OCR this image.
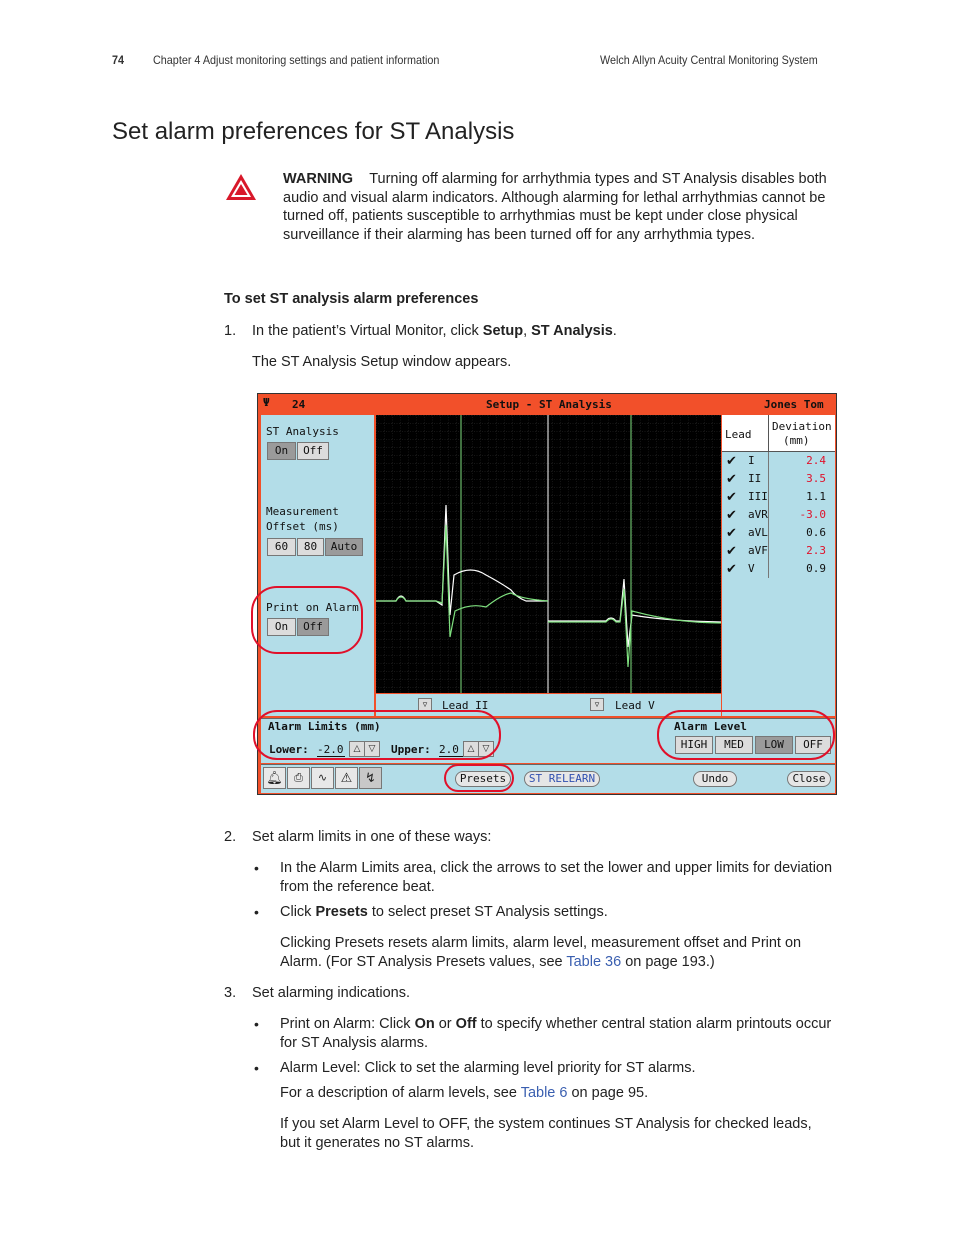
74 Chapter 4 Adjust monitoring settings and patient information	Welch Allyn Acuity Central Monitoring System
Set alarm preferences for ST Analysis
WARNING Turning off alarming for arrhythmia types and ST Analysis disables both audio and visual alarm indicators. Although alarming for lethal arrhythmias cannot be turned off, patients susceptible to arrhythmias must be kept under close physical surveillance if their alarming has been turned off for any arrhythmia types.
To set ST analysis alarm preferences
1. In the patient’s Virtual Monitor, click Setup, ST Analysis.
The ST Analysis Setup window appears.
Ψ 24	Setup - ST Analysis	Jones Tom
ST Analysis
On	Off
Measurement
Offset (ms)
60	80	Auto
Print on Alarm
On	Off
▿	Lead II	▿	Lead V
Lead
Deviation
(mm)
✔ I	2.4
✔ II	3.5
✔ III	1.1
✔ aVR	-3.0
✔ aVL	0.6
✔ aVF	2.3
✔ V	0.9
Alarm Limits (mm)
Lower: -2.0	△ ▽	Upper: 2.0 △ ▽
Alarm Level
HIGH	MED	LOW	OFF
🔔︎	⎙	∿	⚠ ↯	Presets	ST RELEARN	Undo	Close
2. Set alarm limits in one of these ways:
• In the Alarm Limits area, click the arrows to set the lower and upper limits for deviation from the reference beat.
• Click Presets to select preset ST Analysis settings.
Clicking Presets resets alarm limits, alarm level, measurement offset and Print on Alarm. (For ST Analysis Presets values, see Table 36 on page 193.)
3. Set alarming indications.
• Print on Alarm: Click On or Off to specify whether central station alarm printouts occur for ST Analysis alarms.
• Alarm Level: Click to set the alarming level priority for ST alarms.
For a description of alarm levels, see Table 6 on page 95.
If you set Alarm Level to OFF, the system continues ST Analysis for checked leads, but it generates no ST alarms.
